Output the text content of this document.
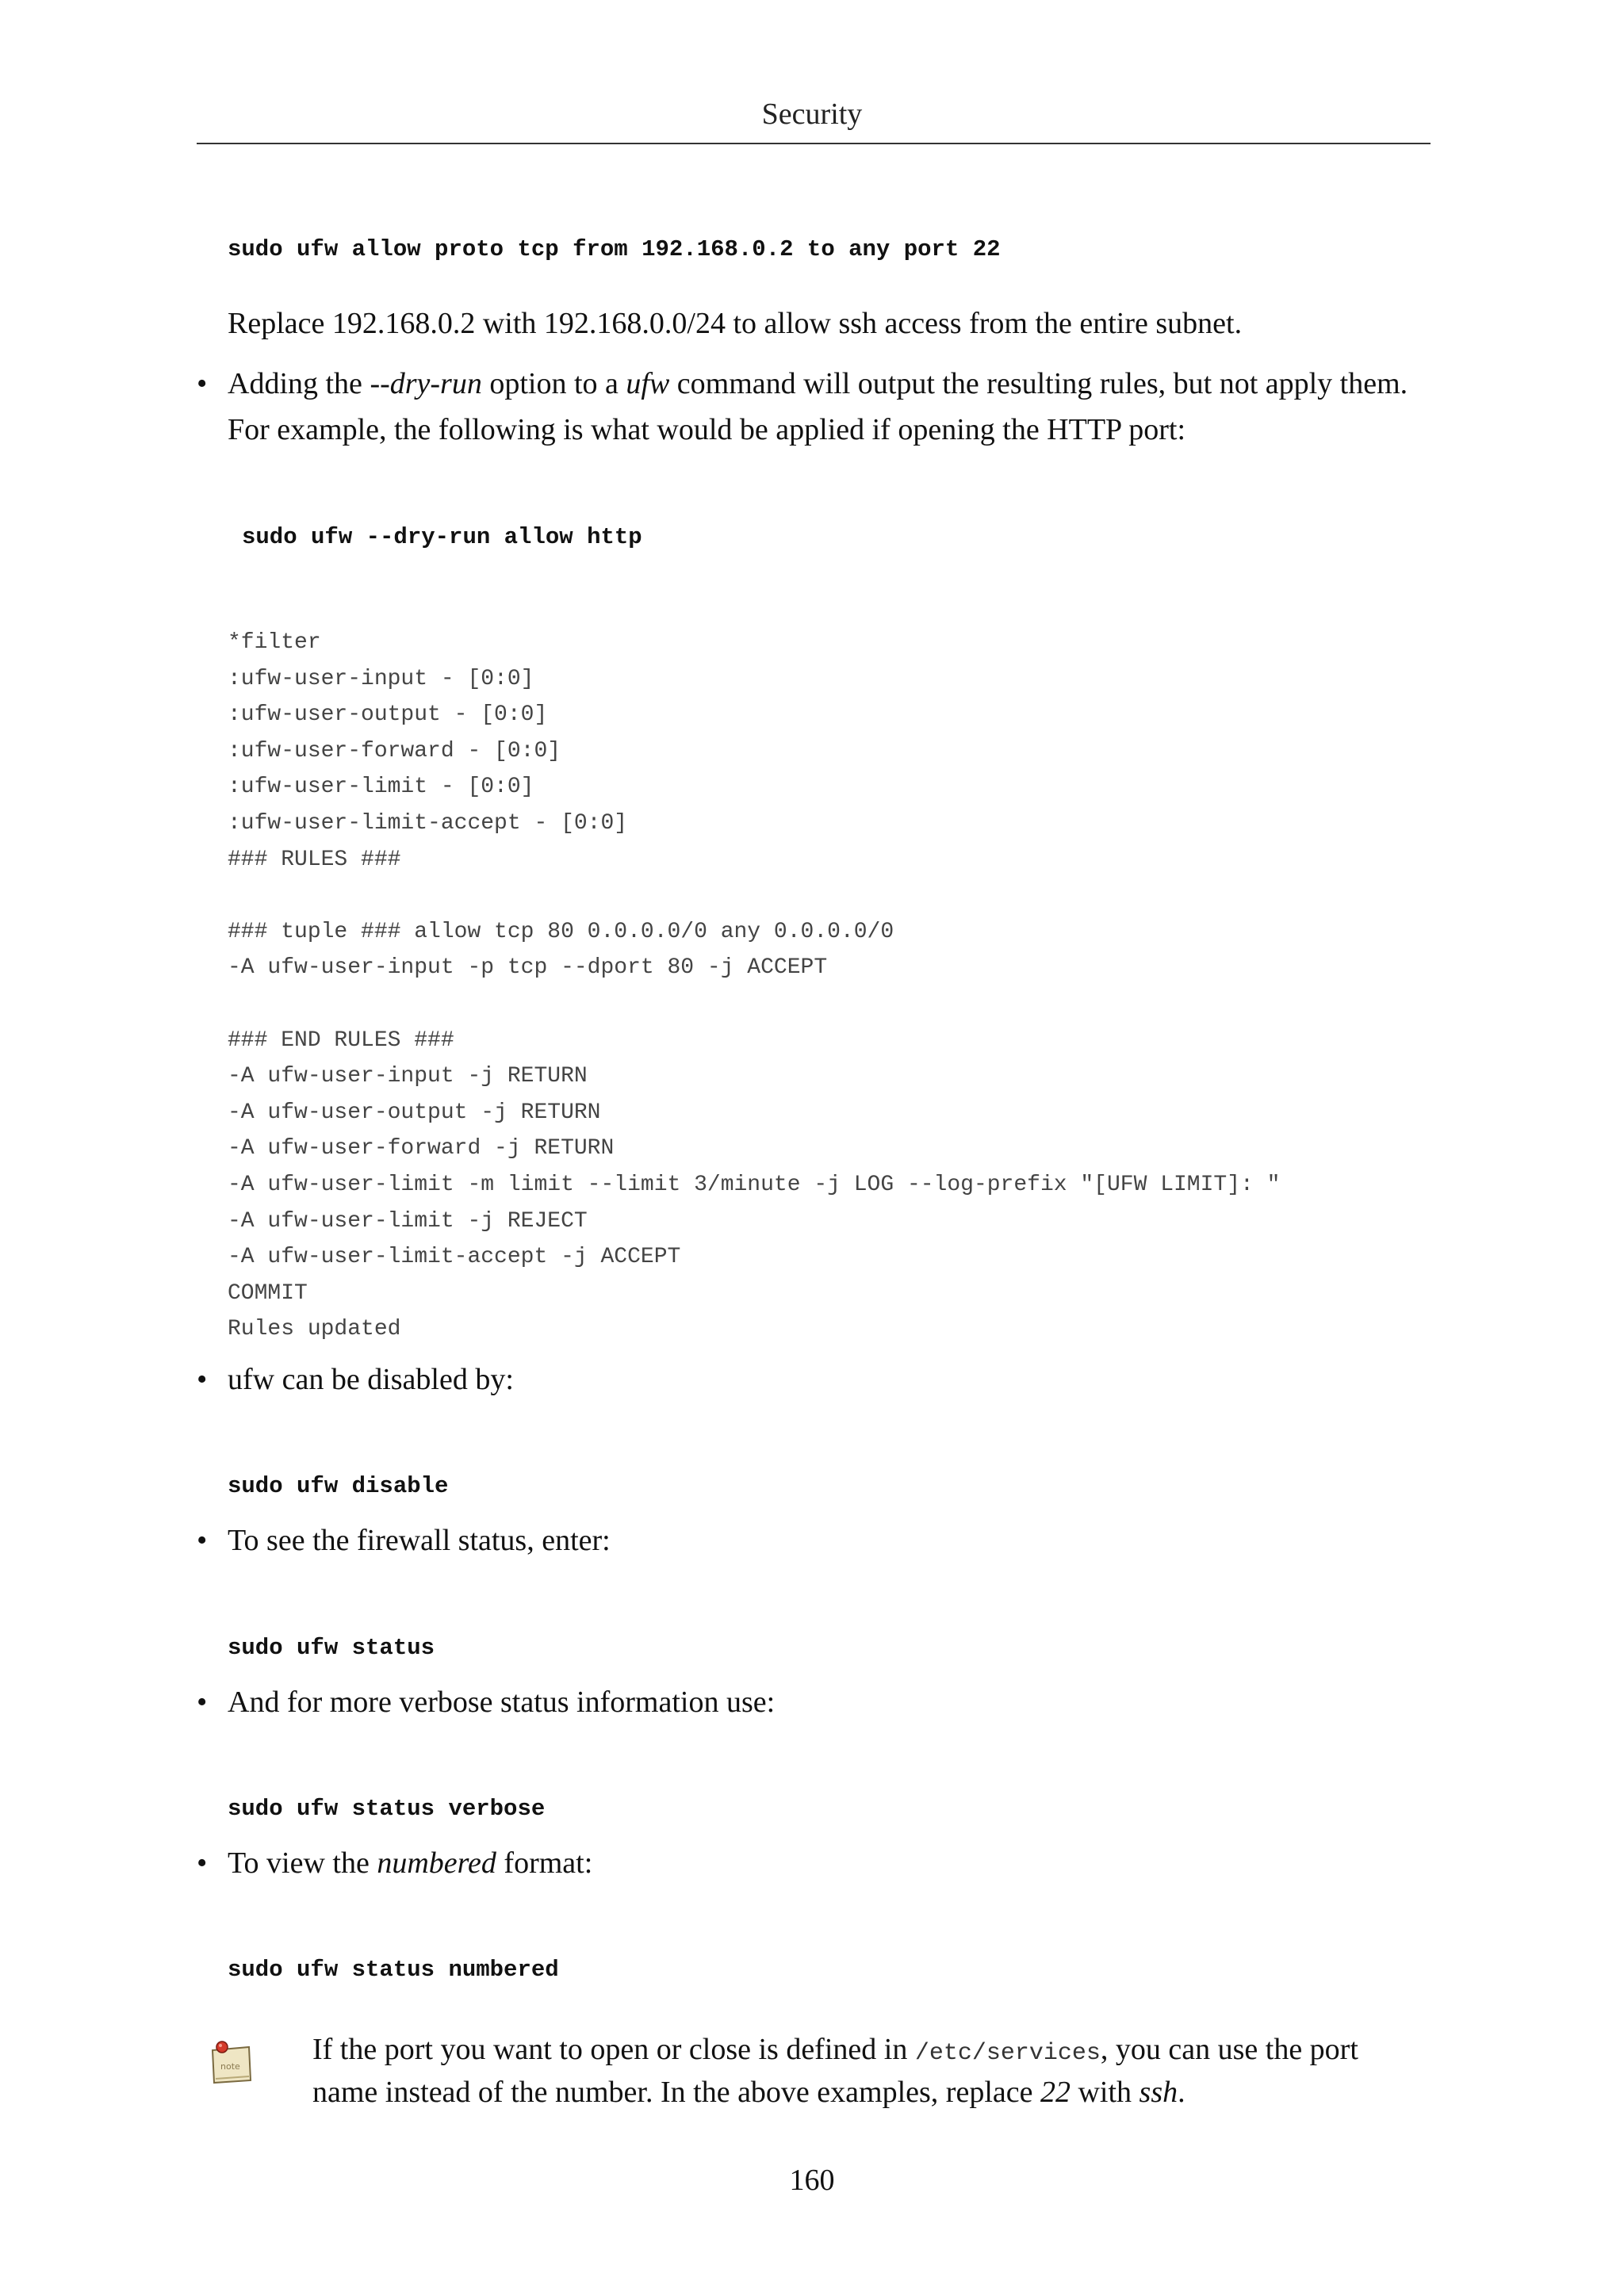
Security
sudo ufw allow proto tcp from 192.168.0.2 to any port 22
Replace 192.168.0.2 with 192.168.0.0/24 to allow ssh access from the entire subnet.
• Adding the --dry-run option to a ufw command will output the resulting rules, but not apply them.
For example, the following is what would be applied if opening the HTTP port:
sudo ufw --dry-run allow http
*filter
:ufw-user-input - [0:0]
:ufw-user-output - [0:0]
:ufw-user-forward - [0:0]
:ufw-user-limit - [0:0]
:ufw-user-limit-accept - [0:0]
### RULES ###
### tuple ### allow tcp 80 0.0.0.0/0 any 0.0.0.0/0
-A ufw-user-input -p tcp --dport 80 -j ACCEPT
### END RULES ###
-A ufw-user-input -j RETURN
-A ufw-user-output -j RETURN
-A ufw-user-forward -j RETURN
-A ufw-user-limit -m limit --limit 3/minute -j LOG --log-prefix "[UFW LIMIT]: "
-A ufw-user-limit -j REJECT
-A ufw-user-limit-accept -j ACCEPT
COMMIT
Rules updated
• ufw can be disabled by:
sudo ufw disable
• To see the firewall status, enter:
sudo ufw status
• And for more verbose status information use:
sudo ufw status verbose
• To view the numbered format:
sudo ufw status numbered
note
If the port you want to open or close is defined in /etc/services, you can use the port
name instead of the number. In the above examples, replace 22 with ssh.
160
